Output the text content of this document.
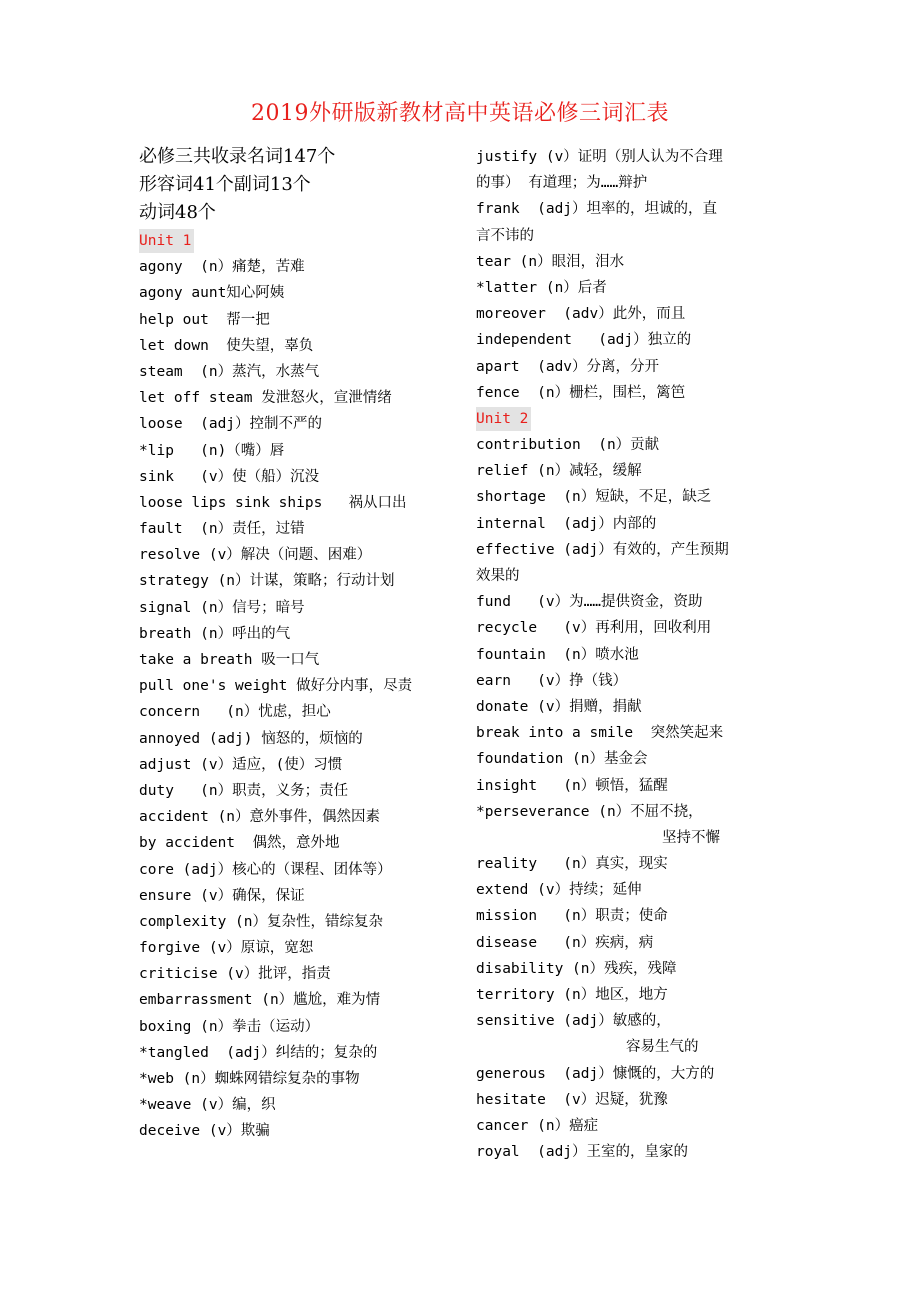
2019外研版新教材高中英语必修三词汇表
必修三共收录名词147个
形容词41个副词13个
动词48个
Unit 1
agony  (n）痛楚，苦难
agony aunt知心阿姨
help out  帮一把
let down  使失望，辜负
steam  (n）蒸汽，水蒸气
let off steam 发泄怒火，宣泄情绪
loose  (adj）控制不严的
*lip   (n)（嘴）唇
sink   (v）使（船）沉没
loose lips sink ships   祸从口出
fault  (n）责任，过错
resolve (v）解决（问题、困难）
strategy (n）计谋，策略；行动计划
signal (n）信号；暗号
breath (n）呼出的气
take a breath 吸一口气
pull one's weight 做好分内事，尽责
concern   (n）忧虑，担心
annoyed (adj) 恼怒的，烦恼的
adjust (v）适应，(使）习惯
duty   (n）职责，义务；责任
accident (n）意外事件，偶然因素
by accident  偶然，意外地
core (adj）核心的（课程、团体等）
ensure (v）确保，保证
complexity (n）复杂性，错综复杂
forgive (v）原谅，宽恕
criticise (v）批评，指责
embarrassment (n）尴尬，难为情
boxing (n）拳击（运动）
*tangled  (adj）纠结的；复杂的
*web (n）蜘蛛网错综复杂的事物
*weave (v）编，织
deceive (v）欺骗
justify (v）证明（别人认为不合理
的事） 有道理；为……辩护
frank  (adj）坦率的，坦诚的，直
言不讳的
tear (n）眼泪，泪水
*latter (n）后者
moreover  (adv）此外，而且
independent   (adj）独立的
apart  (adv）分离，分开
fence  (n）栅栏，围栏，篱笆
Unit 2
contribution  (n）贡献
relief (n）减轻，缓解
shortage  (n）短缺，不足，缺乏
internal  (adj）内部的
effective (adj）有效的，产生预期
效果的
fund   (v）为……提供资金，资助
recycle   (v）再利用，回收利用
fountain  (n）喷水池
earn   (v）挣（钱）
donate (v）捐赠，捐献
break into a smile  突然笑起来
foundation (n）基金会
insight   (n）顿悟，猛醒
*perseverance (n）不屈不挠，
坚持不懈
reality   (n）真实，现实
extend (v）持续；延伸
mission   (n）职责；使命
disease   (n）疾病，病
disability (n）残疾，残障
territory (n）地区，地方
sensitive (adj）敏感的，
容易生气的
generous  (adj）慷慨的，大方的
hesitate  (v）迟疑，犹豫
cancer (n）癌症
royal  (adj）王室的，皇家的
